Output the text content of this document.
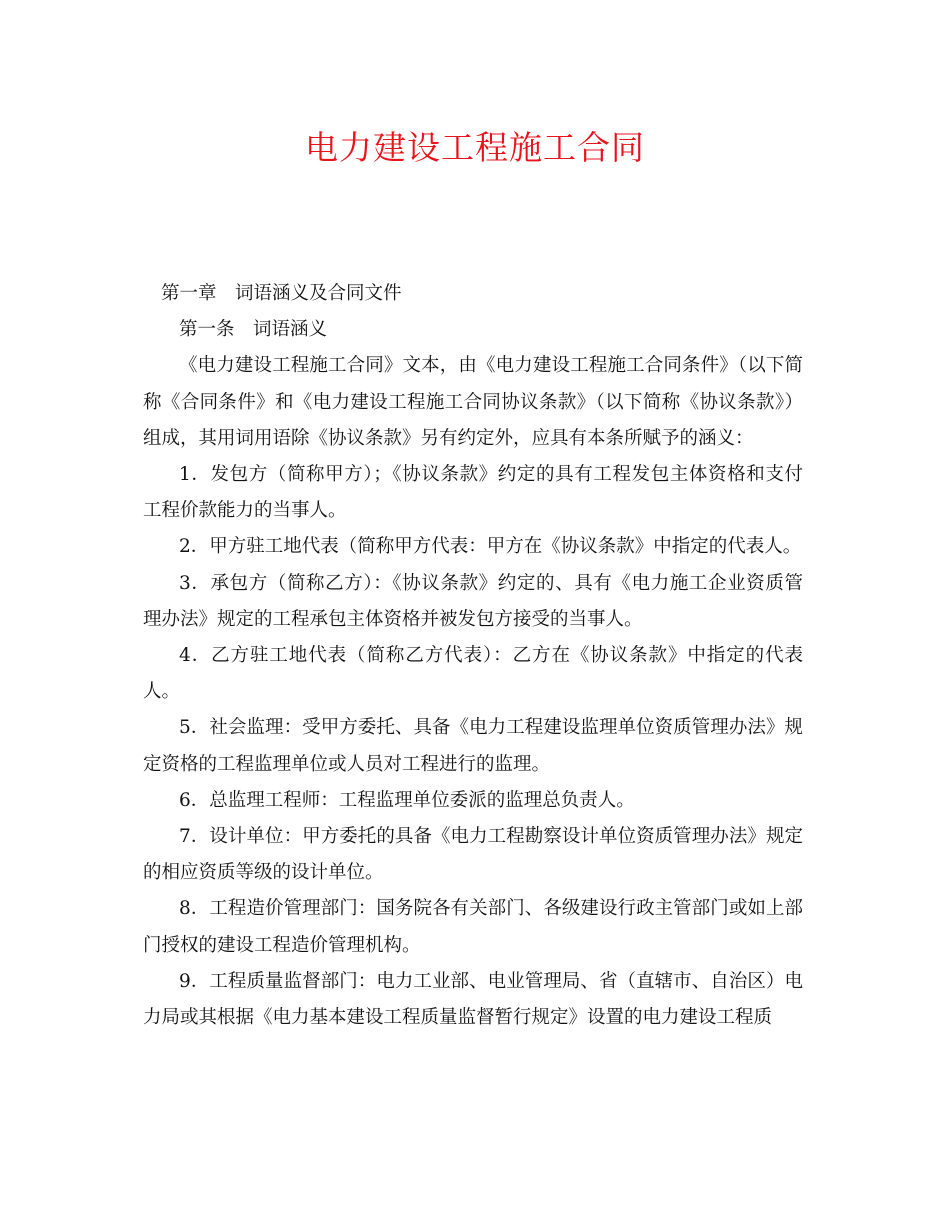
电力建设工程施工合同

第一章　词语涵义及合同文件

第一条　词语涵义

《电力建设工程施工合同》文本，由《电力建设工程施工合同条件》（以下简 称《合同条件》和《电力建设工程施工合同协议条款》（以下简称《协议条款》） 组成，其用词用语除《协议条款》另有约定外，应具有本条所赋予的涵义：

1．发包方（简称甲方）；《协议条款》约定的具有工程发包主体资格和支付 工程价款能力的当事人。

2．甲方驻工地代表（简称甲方代表：甲方在《协议条款》中指定的代表人。

3．承包方（简称乙方）：《协议条款》约定的、具有《电力施工企业资质管 理办法》规定的工程承包主体资格并被发包方接受的当事人。

4．乙方驻工地代表（简称乙方代表）：乙方在《协议条款》中指定的代表人。

5．社会监理：受甲方委托、具备《电力工程建设监理单位资质管理办法》规 定资格的工程监理单位或人员对工程进行的监理。

6．总监理工程师：工程监理单位委派的监理总负责人。

7．设计单位：甲方委托的具备《电力工程勘察设计单位资质管理办法》规定 的相应资质等级的设计单位。

8．工程造价管理部门：国务院各有关部门、各级建设行政主管部门或如上部 门授权的建设工程造价管理机构。

9．工程质量监督部门：电力工业部、电业管理局、省（直辖市、自治区）电 力局或其根据《电力基本建设工程质量监督暂行规定》设置的电力建设工程质
